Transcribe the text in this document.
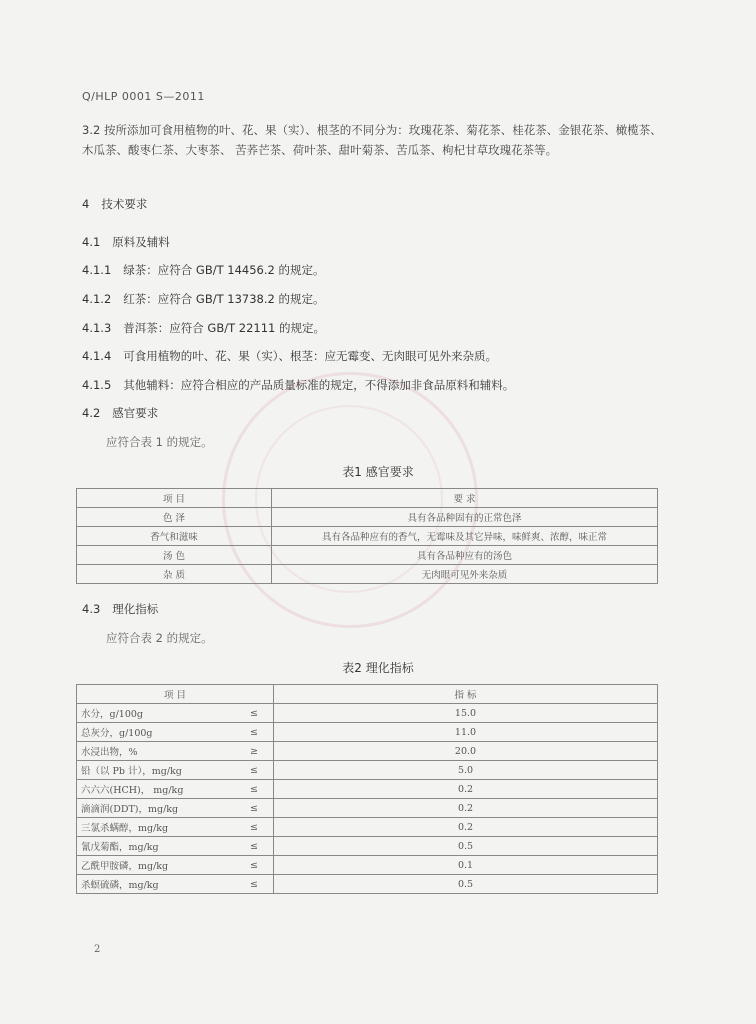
Q/HLP 0001 S—2011
3.2 按所添加可食用植物的叶、花、果（实）、根茎的不同分为：玫瑰花茶、菊花茶、桂花茶、金银花茶、橄榄茶、木瓜茶、酸枣仁茶、大枣茶、 苦荞芒茶、荷叶茶、甜叶菊茶、苦瓜茶、枸杞甘草玫瑰花茶等。
4 技术要求
4.1 原料及辅料
4.1.1 绿茶：应符合 GB/T 14456.2 的规定。
4.1.2 红茶：应符合 GB/T 13738.2 的规定。
4.1.3 普洱茶：应符合 GB/T 22111 的规定。
4.1.4 可食用植物的叶、花、果（实）、根茎：应无霉变、无肉眼可见外来杂质。
4.1.5 其他辅料：应符合相应的产品质量标准的规定，不得添加非食品原料和辅料。
4.2 感官要求
应符合表 1 的规定。
表1 感官要求
项 目	要 求
色 泽	具有各品种固有的正常色泽
香气和滋味	具有各品种应有的香气，无霉味及其它异味，味鲜爽、浓醇，味正常
汤 色	具有各品种应有的汤色
杂 质	无肉眼可见外来杂质
4.3 理化指标
应符合表 2 的规定。
表2 理化指标
项 目		指 标
水分，g/100g	≤	15.0
总灰分，g/100g	≤	11.0
水浸出物，%	≥	20.0
铅（以 Pb 计），mg/kg	≤	5.0
六六六(HCH)， mg/kg	≤	0.2
滴滴润(DDT)，mg/kg	≤	0.2
三氯杀螨醇，mg/kg	≤	0.2
氰戊菊酯，mg/kg	≤	0.5
乙酰甲胺磷，mg/kg	≤	0.1
杀螟硫磷，mg/kg	≤	0.5
2
